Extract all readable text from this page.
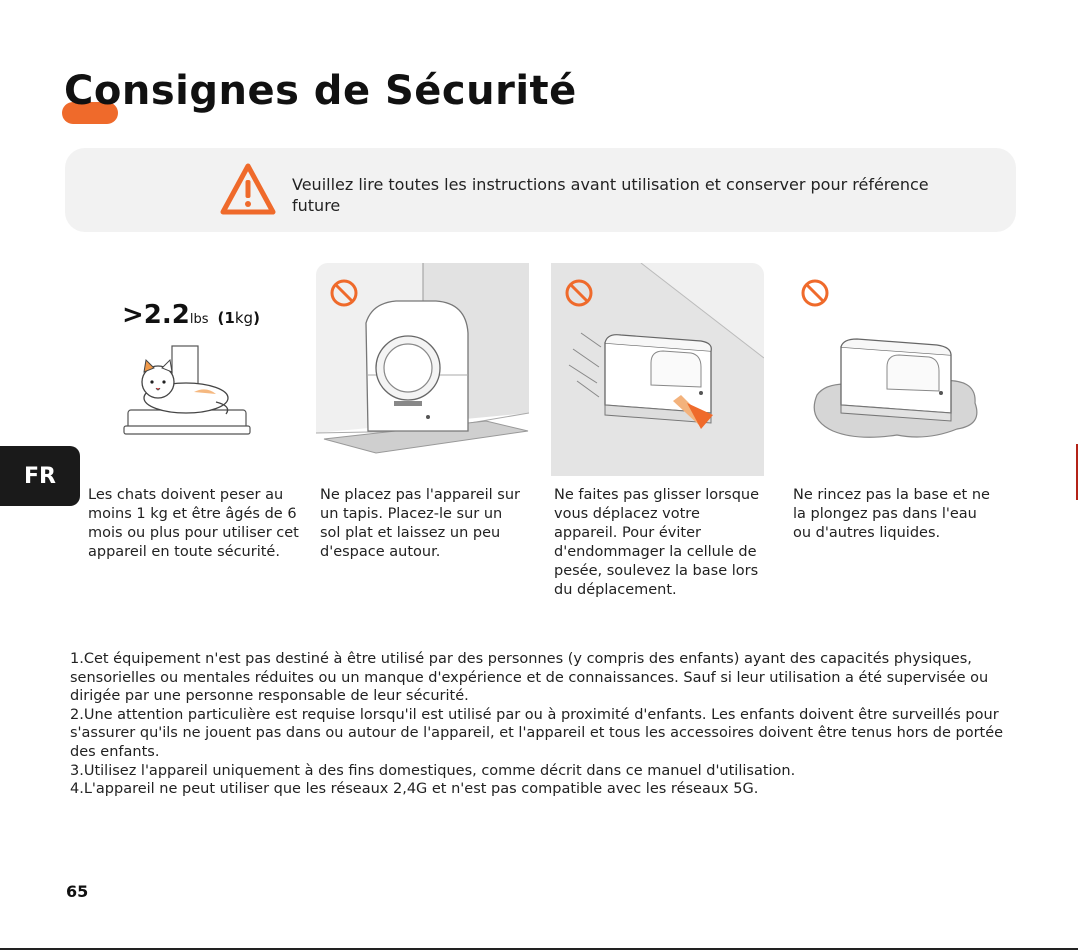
Consignes de Sécurité
Veuillez lire toutes les instructions avant utilisation et conserver pour référence future
FR
>2.2lbs (1kg)
Les chats doivent peser au moins 1 kg et être âgés de 6 mois ou plus pour utiliser cet appareil en toute sécurité.
Ne placez pas l'appareil sur un tapis. Placez-le sur un sol plat et laissez un peu d'espace autour.
Ne faites pas glisser lorsque vous déplacez votre appareil. Pour éviter d'endommager la cellule de pesée, soulevez la base lors du déplacement.
Ne rincez pas la base et ne la plongez pas dans l'eau ou d'autres liquides.

1.Cet équipement n'est pas destiné à être utilisé par des personnes (y compris des enfants) ayant des capacités physiques, sensorielles ou mentales réduites ou un manque d'expérience et de connaissances. Sauf si leur utilisation a été supervisée ou dirigée par une personne responsable de leur sécurité.

2.Une attention particulière est requise lorsqu'il est utilisé par ou à proximité d'enfants. Les enfants doivent être surveillés pour s'assurer qu'ils ne jouent pas dans ou autour de l'appareil, et l'appareil et tous les accessoires doivent être tenus hors de portée des enfants.

3.Utilisez l'appareil uniquement à des fins domestiques, comme décrit dans ce manuel d'utilisation.

4.L'appareil ne peut utiliser que les réseaux 2,4G et n'est pas compatible avec les réseaux 5G.

65
